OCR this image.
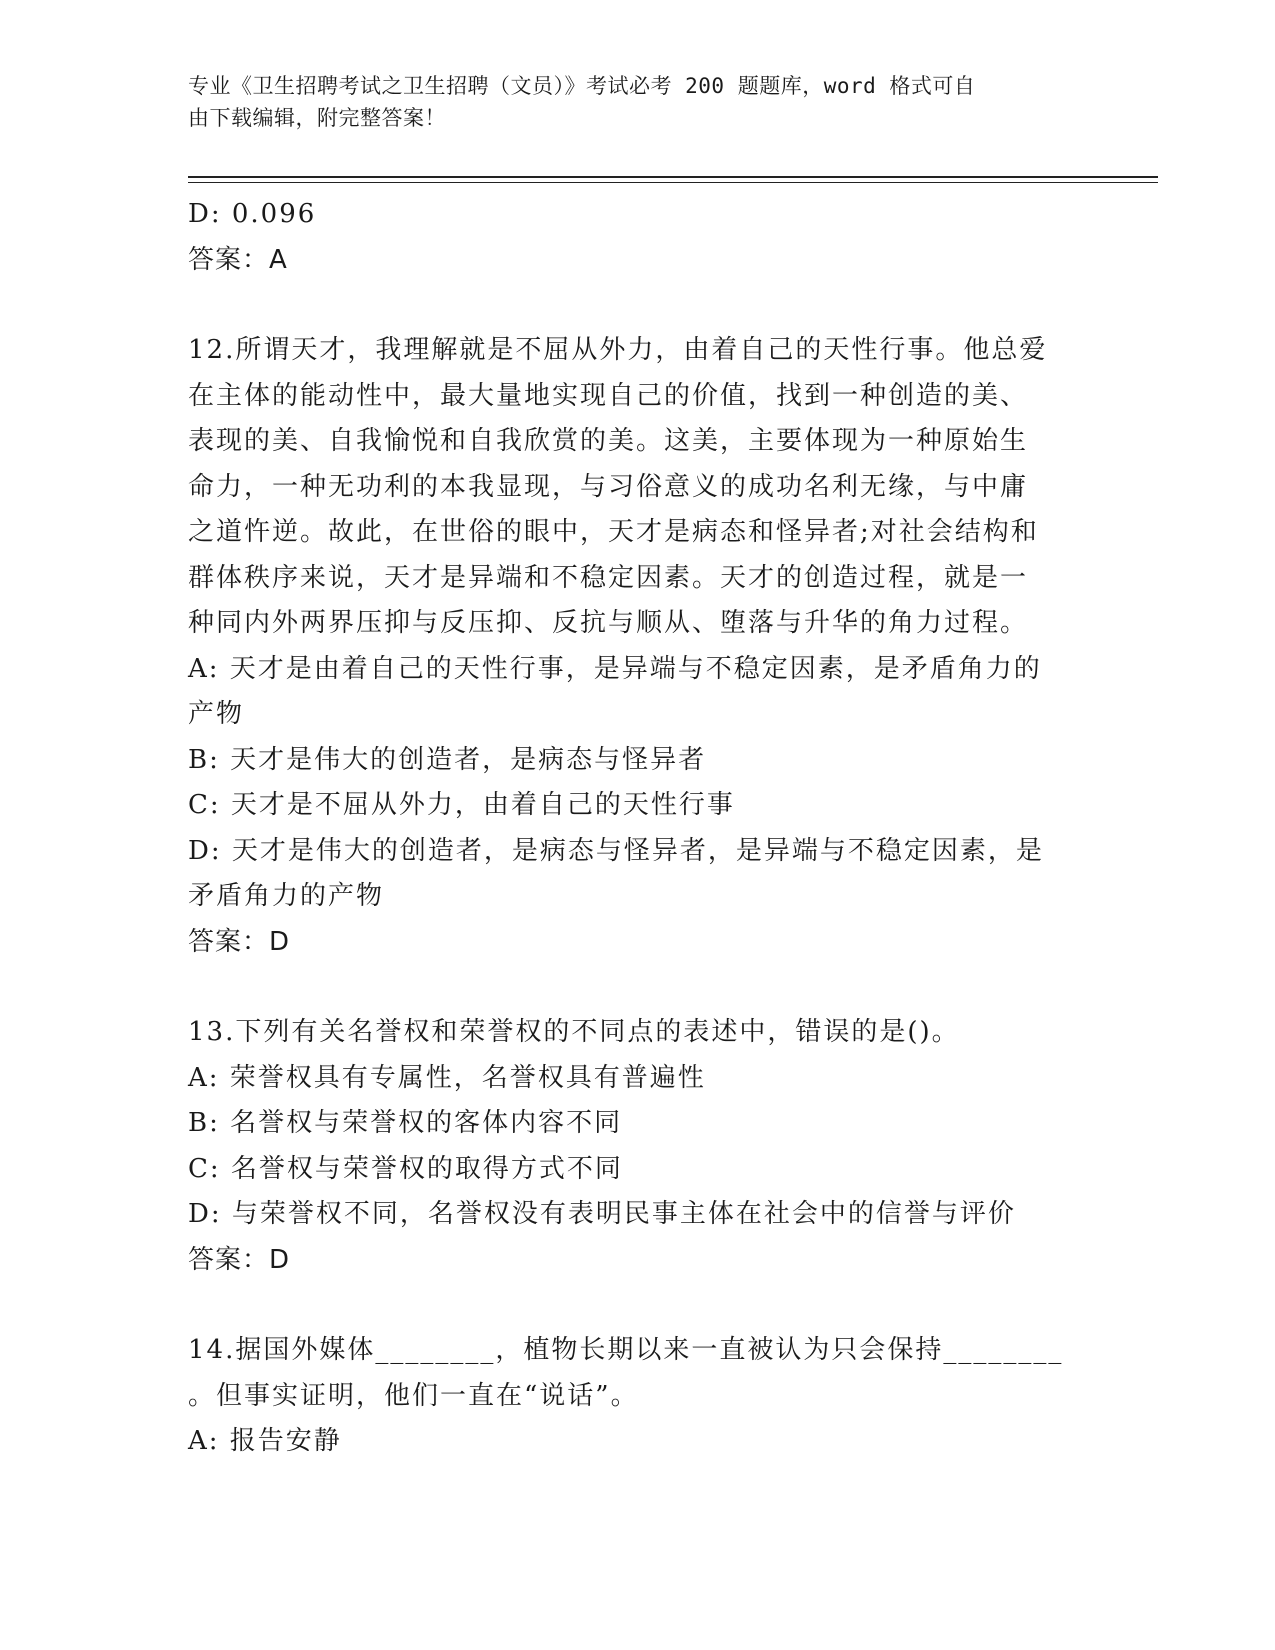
专业《卫生招聘考试之卫生招聘（文员）》考试必考 200 题题库，word 格式可自
由下载编辑，附完整答案！
D: 0.096
答案：A
12.所谓天才，我理解就是不屈从外力，由着自己的天性行事。他总爱
在主体的能动性中，最大量地实现自己的价值，找到一种创造的美、
表现的美、自我愉悦和自我欣赏的美。这美，主要体现为一种原始生
命力，一种无功利的本我显现，与习俗意义的成功名利无缘，与中庸
之道忤逆。故此，在世俗的眼中，天才是病态和怪异者;对社会结构和
群体秩序来说，天才是异端和不稳定因素。天才的创造过程，就是一
种同内外两界压抑与反压抑、反抗与顺从、堕落与升华的角力过程。
A: 天才是由着自己的天性行事，是异端与不稳定因素，是矛盾角力的
产物
B: 天才是伟大的创造者，是病态与怪异者
C: 天才是不屈从外力，由着自己的天性行事
D: 天才是伟大的创造者，是病态与怪异者，是异端与不稳定因素，是
矛盾角力的产物
答案：D
13.下列有关名誉权和荣誉权的不同点的表述中，错误的是()。
A: 荣誉权具有专属性，名誉权具有普遍性
B: 名誉权与荣誉权的客体内容不同
C: 名誉权与荣誉权的取得方式不同
D: 与荣誉权不同，名誉权没有表明民事主体在社会中的信誉与评价
答案：D
14.据国外媒体________，植物长期以来一直被认为只会保持________
。但事实证明，他们一直在“说话”。
A: 报告安静
